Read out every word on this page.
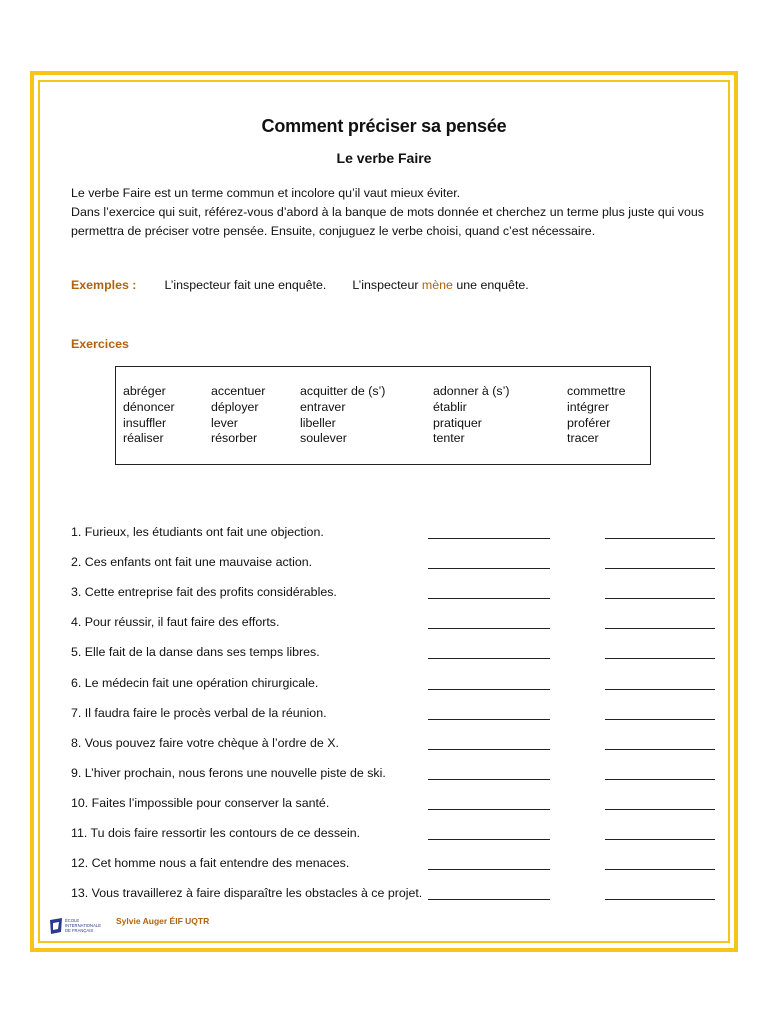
Comment préciser sa pensée
Le verbe Faire
Le verbe Faire est un terme commun et incolore qu’il vaut mieux éviter.
Dans l’exercice qui suit, référez-vous d’abord à la banque de mots donnée et cherchez un terme plus juste qui vous
permettra de préciser votre pensée. Ensuite, conjuguez le verbe choisi, quand c’est nécessaire.
Exemples : L’inspecteur fait une enquête. L’inspecteur mène une enquête.
Exercices
abréger	accentuer	acquitter de (s’)	adonner à (s’)	commettre
dénoncer	déployer	entraver	établir	intégrer
insuffler	lever	libeller	pratiquer	proférer
réaliser	résorber	soulever	tenter	tracer
1. Furieux, les étudiants ont fait une objection.
2. Ces enfants ont fait une mauvaise action.
3. Cette entreprise fait des profits considérables.
4. Pour réussir, il faut faire des efforts.
5. Elle fait de la danse dans ses temps libres.
6. Le médecin fait une opération chirurgicale.
7. Il faudra faire le procès verbal de la réunion.
8. Vous pouvez faire votre chèque à l’ordre de X.
9. L’hiver prochain, nous ferons une nouvelle piste de ski.
10. Faites l’impossible pour conserver la santé.
11. Tu dois faire ressortir les contours de ce dessein.
12. Cet homme nous a fait entendre des menaces.
13. Vous travaillerez à faire disparaître les obstacles à ce projet.
ÉCOLE
INTERNATIONALE
DE FRANÇAIS
Sylvie Auger ÉIF UQTR
